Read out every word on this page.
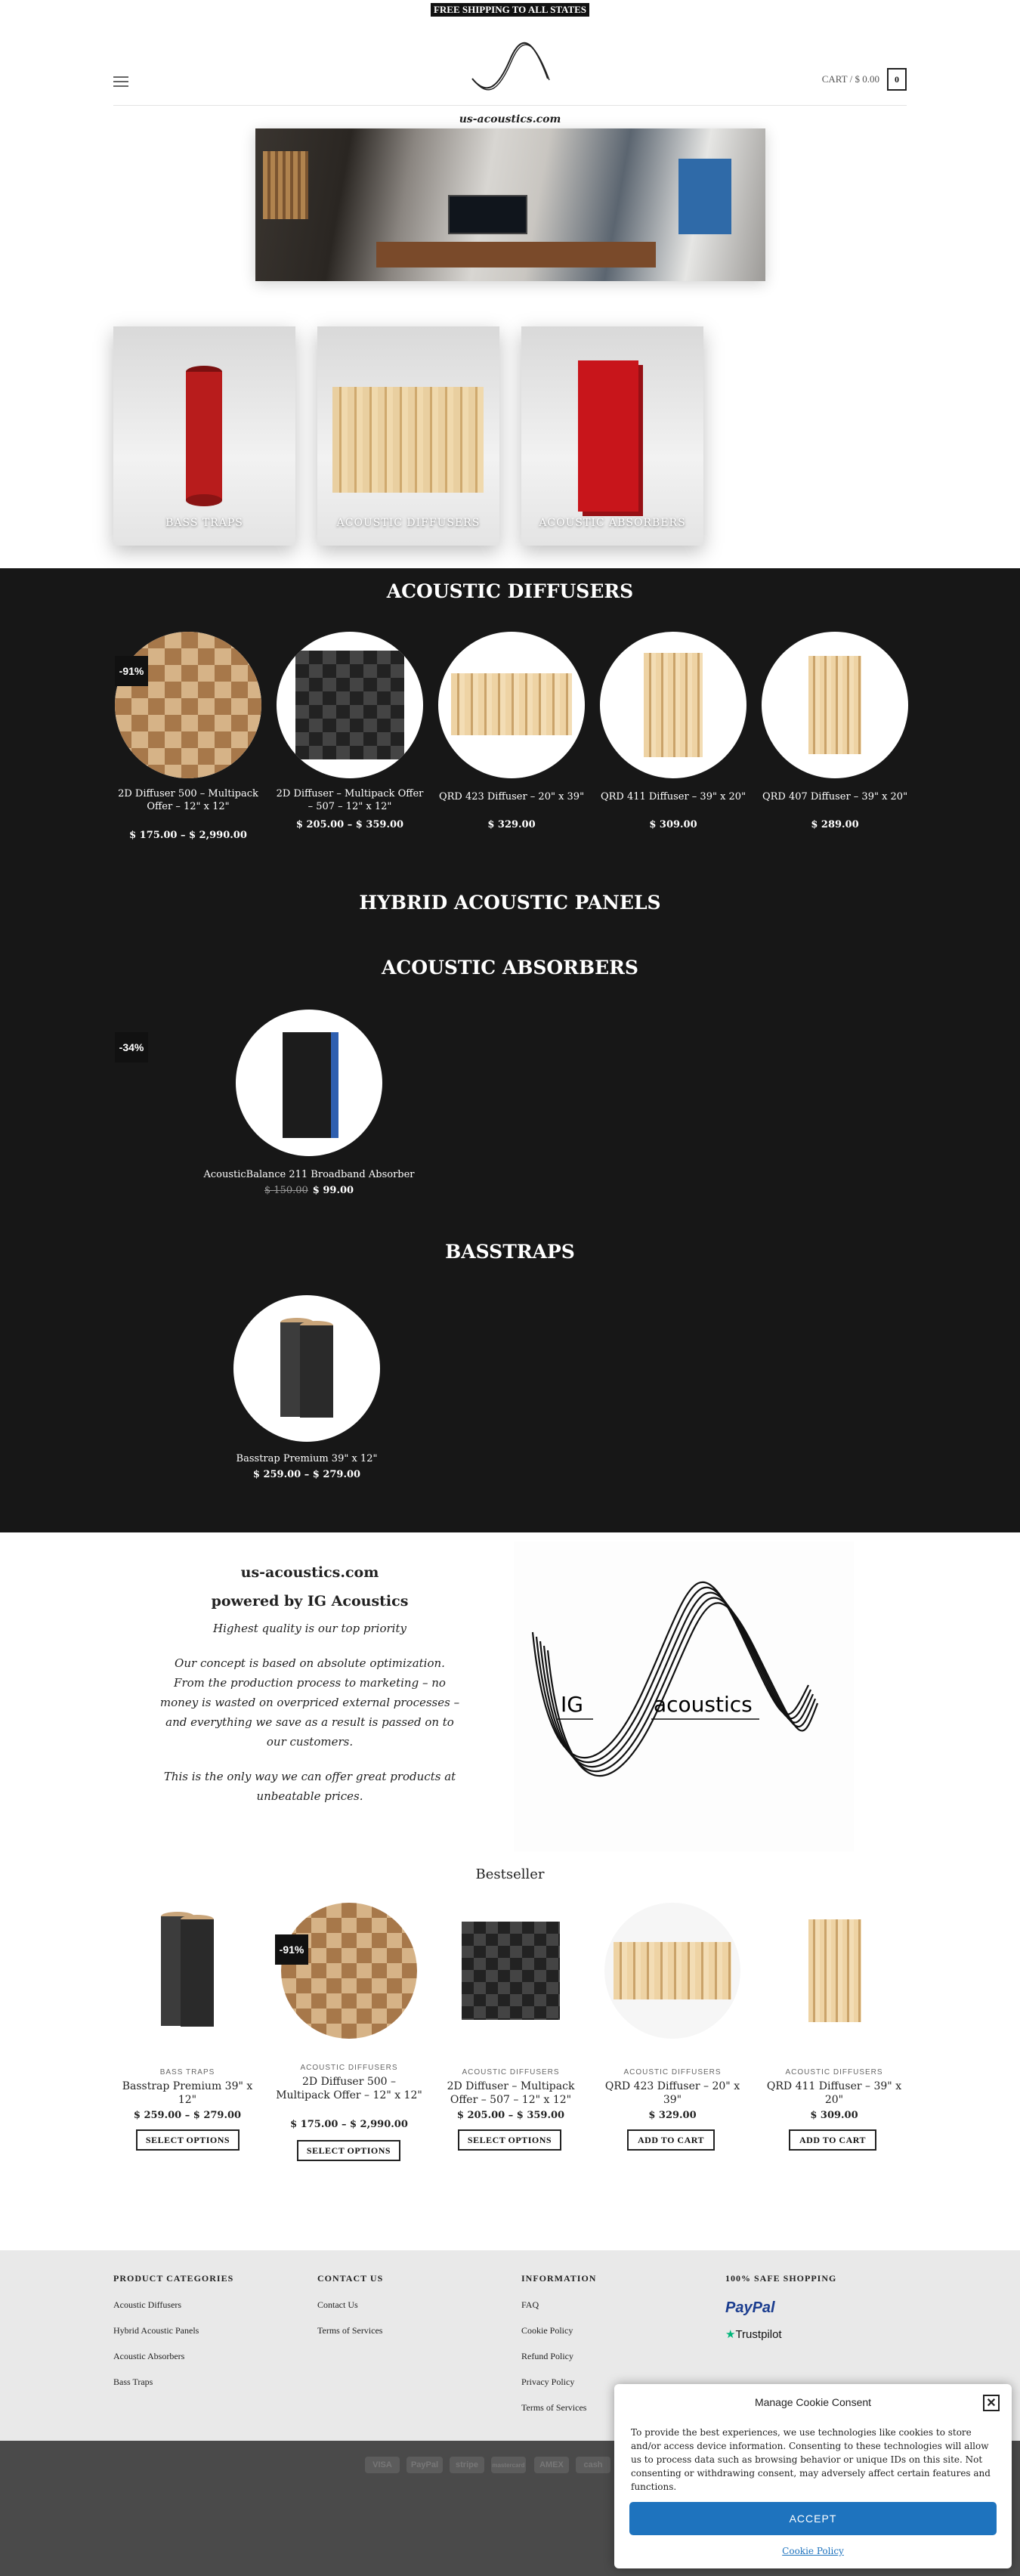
FREE SHIPPING TO ALL STATES
CART / $ 0.00	0
us-acoustics.com
BASS TRAPS	ACOUSTIC DIFFUSERS	ACOUSTIC ABSORBERS
ACOUSTIC DIFFUSERS
-91%
2D Diffuser 500 – Multipack Offer – 12" x 12"
$ 175.00 – $ 2,990.00
2D Diffuser – Multipack Offer – 507 – 12" x 12"
$ 205.00 – $ 359.00
QRD 423 Diffuser – 20" x 39"
$ 329.00
QRD 411 Diffuser – 39" x 20"
$ 309.00
QRD 407 Diffuser – 39" x 20"
$ 289.00
HYBRID ACOUSTIC PANELS
ACOUSTIC ABSORBERS
-34%
AcousticBalance 211 Broadband Absorber
$ 150.00 $ 99.00
BASSTRAPS
Basstrap Premium 39" x 12"
$ 259.00 – $ 279.00
us-acoustics.com
powered by IG Acoustics

Highest quality is our top priority

Our concept is based on absolute optimization. From the production process to marketing – no money is wasted on overpriced external processes – and everything we save as a result is passed on to our customers.

This is the only way we can offer great products at unbeatable prices.

IG	acoustics
Bestseller
BASS TRAPS
Basstrap Premium 39" x 12"
$ 259.00 – $ 279.00
SELECT OPTIONS
-91%
ACOUSTIC DIFFUSERS
2D Diffuser 500 – Multipack Offer – 12" x 12"
$ 175.00 – $ 2,990.00
SELECT OPTIONS
ACOUSTIC DIFFUSERS
2D Diffuser – Multipack Offer – 507 – 12" x 12"
$ 205.00 – $ 359.00
SELECT OPTIONS
ACOUSTIC DIFFUSERS
QRD 423 Diffuser – 20" x 39"
$ 329.00
ADD TO CART
ACOUSTIC DIFFUSERS
QRD 411 Diffuser – 39" x 20"
$ 309.00
ADD TO CART
PRODUCT CATEGORIES
Acoustic Diffusers
Hybrid Acoustic Panels
Acoustic Absorbers
Bass Traps
CONTACT US
Contact Us
Terms of Services
INFORMATION
FAQ
Cookie Policy
Refund Policy
Privacy Policy
Terms of Services
100% SAFE SHOPPING
PayPal
★Trustpilot
VISA	PayPal	stripe	mastercard	AMEX	cash
Manage Cookie Consent	✕

To provide the best experiences, we use technologies like cookies to store and/or access device information. Consenting to these technologies will allow us to process data such as browsing behavior or unique IDs on this site. Not consenting or withdrawing consent, may adversely affect certain features and functions.

ACCEPT
Cookie Policy
